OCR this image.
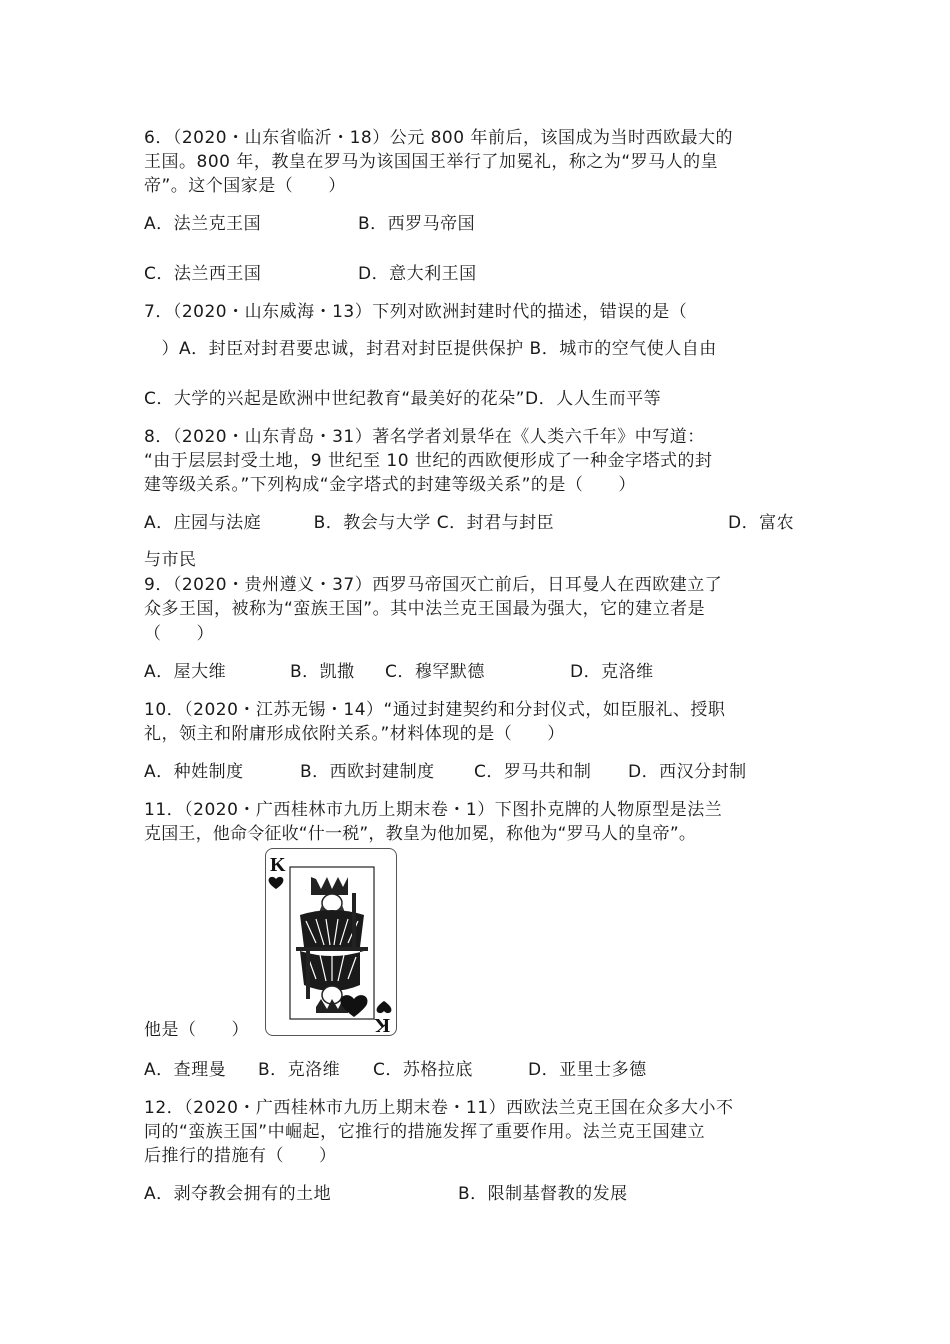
6．（2020・山东省临沂・18）公元 800 年前后，该国成为当时西欧最大的
王国。800 年，教皇在罗马为该国国王举行了加冕礼，称之为“罗马人的皇
帝”。这个国家是（　　）
A．法兰克王国	B．西罗马帝国
C．法兰西王国	D．意大利王国
7．（2020・山东威海・13）下列对欧洲封建时代的描述，错误的是（
　）A．封臣对封君要忠诚，封君对封臣提供保护 B．城市的空气使人自由
C．大学的兴起是欧洲中世纪教育“最美好的花朵”D．人人生而平等
8．（2020・山东青岛・31）著名学者刘景华在《人类六千年》中写道：
“由于层层封受土地，9 世纪至 10 世纪的西欧便形成了一种金字塔式的封
建等级关系。”下列构成“金字塔式的封建等级关系”的是（　　）
A．庄园与法庭　　　B．教会与大学 C．封君与封臣	D．富农
与市民
9．（2020・贵州遵义・37）西罗马帝国灭亡前后，日耳曼人在西欧建立了
众多王国，被称为“蛮族王国”。其中法兰克王国最为强大，它的建立者是
（　　）
A．屋大维	B．凯撒 C．穆罕默德	D．克洛维
10．（2020・江苏无锡・14）“通过封建契约和分封仪式，如臣服礼、授职
礼，领主和附庸形成依附关系。”材料体现的是（　　）
A．种姓制度	B．西欧封建制度 C．罗马共和制 D．西汉分封制
11．（2020・广西桂林市九历上期末卷・1）下图扑克牌的人物原型是法兰
克国王，他命令征收“什一税”，教皇为他加冕，称他为“罗马人的皇帝”。
K
K
他是（　　）
A．查理曼 B．克洛维 C．苏格拉底	D．亚里士多德
12．（2020・广西桂林市九历上期末卷・11）西欧法兰克王国在众多大小不
同的“蛮族王国”中崛起，它推行的措施发挥了重要作用。法兰克王国建立
后推行的措施有（　　）
A．剥夺教会拥有的土地	B．限制基督教的发展
